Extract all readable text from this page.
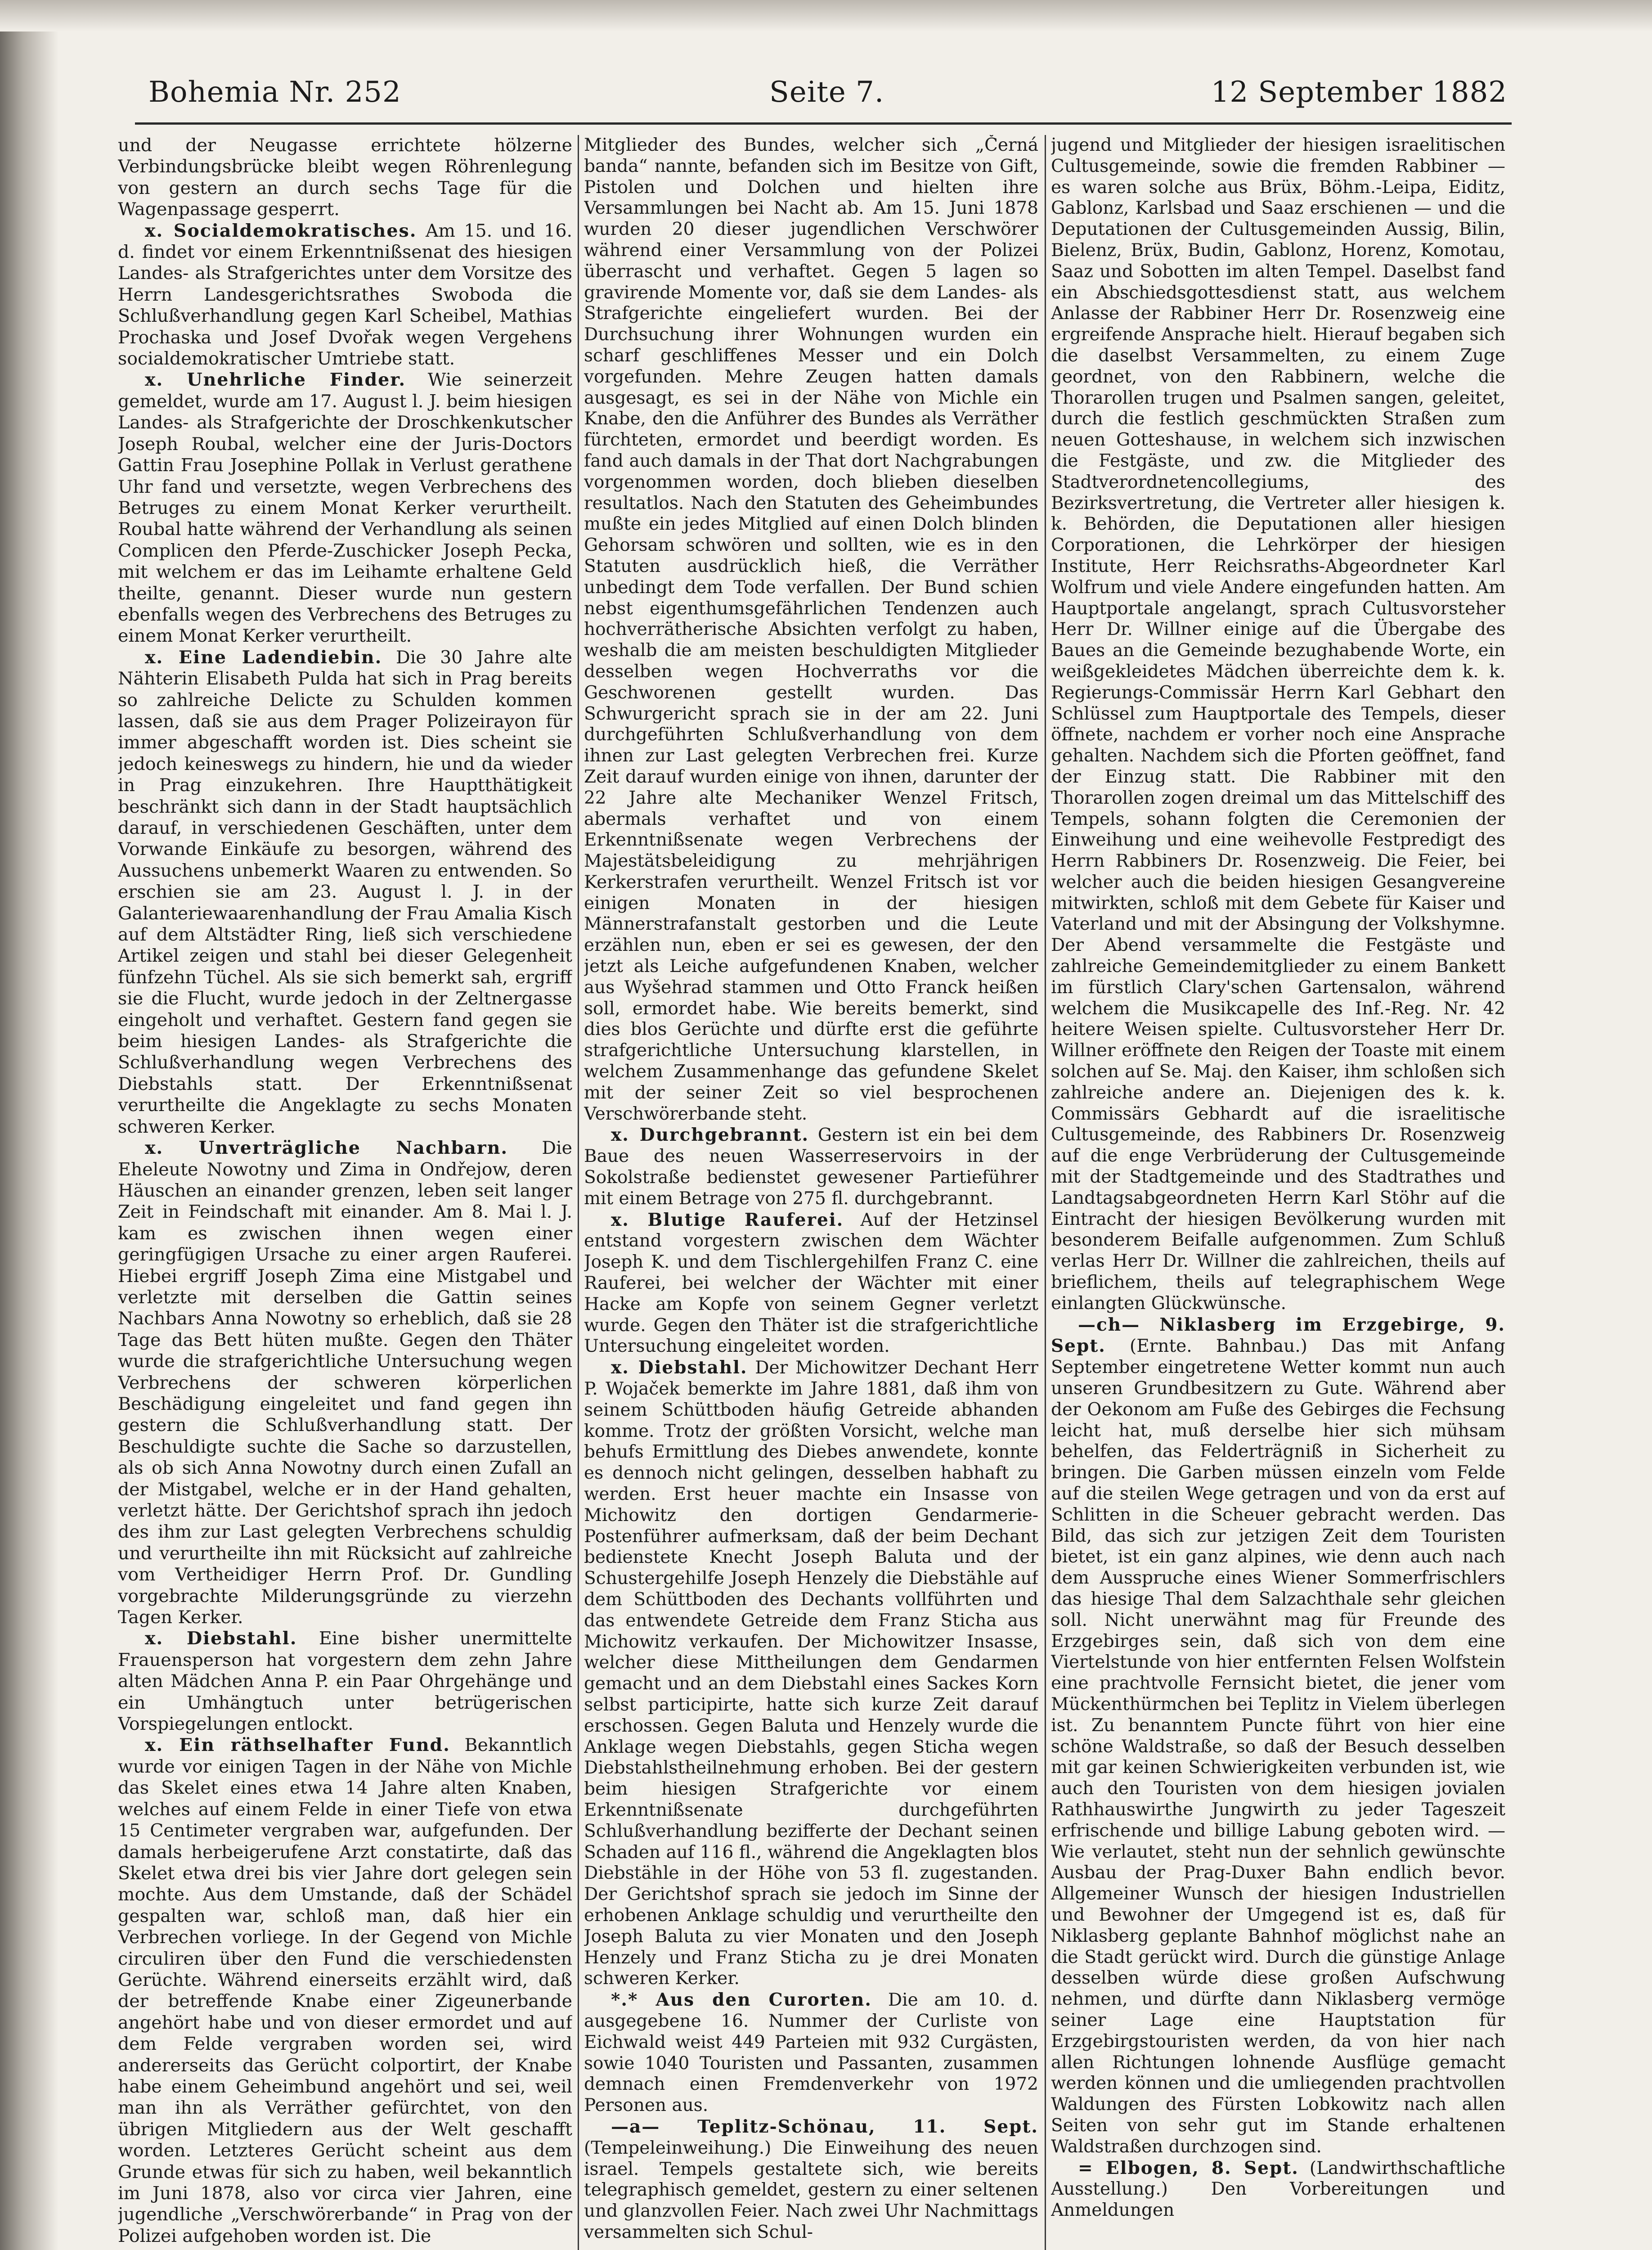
Bohemia Nr. 252	Seite 7.	12 September 1882

und der Neugasse errichtete hölzerne Verbindungsbrücke bleibt wegen Röhrenlegung von gestern an durch sechs Tage für die Wagenpassage gesperrt.

x. Socialdemokratisches. Am 15. und 16. d. findet vor einem Erkenntnißsenat des hiesigen Landes- als Strafgerichtes unter dem Vorsitze des Herrn Landesgerichtsrathes Swoboda die Schlußverhandlung gegen Karl Scheibel, Mathias Prochaska und Josef Dvořak wegen Vergehens socialdemokratischer Umtriebe statt.

x. Unehrliche Finder. Wie seinerzeit gemeldet, wurde am 17. August l. J. beim hiesigen Landes- als Strafgerichte der Droschkenkutscher Joseph Roubal, welcher eine der Juris-Doctors Gattin Frau Josephine Pollak in Verlust gerathene Uhr fand und versetzte, wegen Verbrechens des Betruges zu einem Monat Kerker verurtheilt. Roubal hatte während der Verhandlung als seinen Complicen den Pferde-Zuschicker Joseph Pecka, mit welchem er das im Leihamte erhaltene Geld theilte, genannt. Dieser wurde nun gestern ebenfalls wegen des Verbrechens des Betruges zu einem Monat Kerker verurtheilt.

x. Eine Ladendiebin. Die 30 Jahre alte Nähterin Elisabeth Pulda hat sich in Prag bereits so zahlreiche Delicte zu Schulden kommen lassen, daß sie aus dem Prager Polizeirayon für immer abgeschafft worden ist. Dies scheint sie jedoch keineswegs zu hindern, hie und da wieder in Prag einzukehren. Ihre Hauptthätigkeit beschränkt sich dann in der Stadt hauptsächlich darauf, in verschiedenen Geschäften, unter dem Vorwande Einkäufe zu besorgen, während des Aussuchens unbemerkt Waaren zu entwenden. So erschien sie am 23. August l. J. in der Galanteriewaarenhandlung der Frau Amalia Kisch auf dem Altstädter Ring, ließ sich verschiedene Artikel zeigen und stahl bei dieser Gelegenheit fünfzehn Tüchel. Als sie sich bemerkt sah, ergriff sie die Flucht, wurde jedoch in der Zeltnergasse eingeholt und verhaftet. Gestern fand gegen sie beim hiesigen Landes- als Strafgerichte die Schlußverhandlung wegen Verbrechens des Diebstahls statt. Der Erkenntnißsenat verurtheilte die Angeklagte zu sechs Monaten schweren Kerker.

x. Unverträgliche Nachbarn. Die Eheleute Nowotny und Zima in Ondřejow, deren Häuschen an einander grenzen, leben seit langer Zeit in Feindschaft mit einander. Am 8. Mai l. J. kam es zwischen ihnen wegen einer geringfügigen Ursache zu einer argen Rauferei. Hiebei ergriff Joseph Zima eine Mistgabel und verletzte mit derselben die Gattin seines Nachbars Anna Nowotny so erheblich, daß sie 28 Tage das Bett hüten mußte. Gegen den Thäter wurde die strafgerichtliche Untersuchung wegen Verbrechens der schweren körperlichen Beschädigung eingeleitet und fand gegen ihn gestern die Schlußverhandlung statt. Der Beschuldigte suchte die Sache so darzustellen, als ob sich Anna Nowotny durch einen Zufall an der Mistgabel, welche er in der Hand gehalten, verletzt hätte. Der Gerichtshof sprach ihn jedoch des ihm zur Last gelegten Verbrechens schuldig und verurtheilte ihn mit Rücksicht auf zahlreiche vom Vertheidiger Herrn Prof. Dr. Gundling vorgebrachte Milderungsgründe zu vierzehn Tagen Kerker.

x. Diebstahl. Eine bisher unermittelte Frauensperson hat vorgestern dem zehn Jahre alten Mädchen Anna P. ein Paar Ohrgehänge und ein Umhängtuch unter betrügerischen Vorspiegelungen entlockt.

x. Ein räthselhafter Fund. Bekanntlich wurde vor einigen Tagen in der Nähe von Michle das Skelet eines etwa 14 Jahre alten Knaben, welches auf einem Felde in einer Tiefe von etwa 15 Centimeter vergraben war, aufgefunden. Der damals herbeigerufene Arzt constatirte, daß das Skelet etwa drei bis vier Jahre dort gelegen sein mochte. Aus dem Umstande, daß der Schädel gespalten war, schloß man, daß hier ein Verbrechen vorliege. In der Gegend von Michle circuliren über den Fund die verschiedensten Gerüchte. Während einerseits erzählt wird, daß der betreffende Knabe einer Zigeunerbande angehört habe und von dieser ermordet und auf dem Felde vergraben worden sei, wird andererseits das Gerücht colportirt, der Knabe habe einem Geheimbund angehört und sei, weil man ihn als Verräther gefürchtet, von den übrigen Mitgliedern aus der Welt geschafft worden. Letzteres Gerücht scheint aus dem Grunde etwas für sich zu haben, weil bekanntlich im Juni 1878, also vor circa vier Jahren, eine jugendliche „Verschwörerbande“ in Prag von der Polizei aufgehoben worden ist. Die

Mitglieder des Bundes, welcher sich „Černá banda“ nannte, befanden sich im Besitze von Gift, Pistolen und Dolchen und hielten ihre Versammlungen bei Nacht ab. Am 15. Juni 1878 wurden 20 dieser jugendlichen Verschwörer während einer Versammlung von der Polizei überrascht und verhaftet. Gegen 5 lagen so gravirende Momente vor, daß sie dem Landes- als Strafgerichte eingeliefert wurden. Bei der Durchsuchung ihrer Wohnungen wurden ein scharf geschliffenes Messer und ein Dolch vorgefunden. Mehre Zeugen hatten damals ausgesagt, es sei in der Nähe von Michle ein Knabe, den die Anführer des Bundes als Verräther fürchteten, ermordet und beerdigt worden. Es fand auch damals in der That dort Nachgrabungen vorgenommen worden, doch blieben dieselben resultatlos. Nach den Statuten des Geheimbundes mußte ein jedes Mitglied auf einen Dolch blinden Gehorsam schwören und sollten, wie es in den Statuten ausdrücklich hieß, die Verräther unbedingt dem Tode verfallen. Der Bund schien nebst eigenthumsgefährlichen Tendenzen auch hochverrätherische Absichten verfolgt zu haben, weshalb die am meisten beschuldigten Mitglieder desselben wegen Hochverraths vor die Geschworenen gestellt wurden. Das Schwurgericht sprach sie in der am 22. Juni durchgeführten Schlußverhandlung von dem ihnen zur Last gelegten Verbrechen frei. Kurze Zeit darauf wurden einige von ihnen, darunter der 22 Jahre alte Mechaniker Wenzel Fritsch, abermals verhaftet und von einem Erkenntnißsenate wegen Verbrechens der Majestätsbeleidigung zu mehrjährigen Kerkerstrafen verurtheilt. Wenzel Fritsch ist vor einigen Monaten in der hiesigen Männerstrafanstalt gestorben und die Leute erzählen nun, eben er sei es gewesen, der den jetzt als Leiche aufgefundenen Knaben, welcher aus Wyšehrad stammen und Otto Franck heißen soll, ermordet habe. Wie bereits bemerkt, sind dies blos Gerüchte und dürfte erst die geführte strafgerichtliche Untersuchung klarstellen, in welchem Zusammenhange das gefundene Skelet mit der seiner Zeit so viel besprochenen Verschwörerbande steht.

x. Durchgebrannt. Gestern ist ein bei dem Baue des neuen Wasserreservoirs in der Sokolstraße bedienstet gewesener Partieführer mit einem Betrage von 275 fl. durchgebrannt.

x. Blutige Rauferei. Auf der Hetzinsel entstand vorgestern zwischen dem Wächter Joseph K. und dem Tischlergehilfen Franz C. eine Rauferei, bei welcher der Wächter mit einer Hacke am Kopfe von seinem Gegner verletzt wurde. Gegen den Thäter ist die strafgerichtliche Untersuchung eingeleitet worden.

x. Diebstahl. Der Michowitzer Dechant Herr P. Wojaček bemerkte im Jahre 1881, daß ihm von seinem Schüttboden häufig Getreide abhanden komme. Trotz der größten Vorsicht, welche man behufs Ermittlung des Diebes anwendete, konnte es dennoch nicht gelingen, desselben habhaft zu werden. Erst heuer machte ein Insasse von Michowitz den dortigen Gendarmerie-Postenführer aufmerksam, daß der beim Dechant bedienstete Knecht Joseph Baluta und der Schustergehilfe Joseph Henzely die Diebstähle auf dem Schüttboden des Dechants vollführten und das entwendete Getreide dem Franz Sticha aus Michowitz verkaufen. Der Michowitzer Insasse, welcher diese Mittheilungen dem Gendarmen gemacht und an dem Diebstahl eines Sackes Korn selbst participirte, hatte sich kurze Zeit darauf erschossen. Gegen Baluta und Henzely wurde die Anklage wegen Diebstahls, gegen Sticha wegen Diebstahlstheilnehmung erhoben. Bei der gestern beim hiesigen Strafgerichte vor einem Erkenntnißsenate durchgeführten Schlußverhandlung bezifferte der Dechant seinen Schaden auf 116 fl., während die Angeklagten blos Diebstähle in der Höhe von 53 fl. zugestanden. Der Gerichtshof sprach sie jedoch im Sinne der erhobenen Anklage schuldig und verurtheilte den Joseph Baluta zu vier Monaten und den Joseph Henzely und Franz Sticha zu je drei Monaten schweren Kerker.

*.* Aus den Curorten. Die am 10. d. ausgegebene 16. Nummer der Curliste von Eichwald weist 449 Parteien mit 932 Curgästen, sowie 1040 Touristen und Passanten, zusammen demnach einen Fremdenverkehr von 1972 Personen aus.

—a— Teplitz-Schönau, 11. Sept. (Tempeleinweihung.) Die Einweihung des neuen israel. Tempels gestaltete sich, wie bereits telegraphisch gemeldet, gestern zu einer seltenen und glanzvollen Feier. Nach zwei Uhr Nachmittags versammelten sich Schul-

jugend und Mitglieder der hiesigen israelitischen Cultusgemeinde, sowie die fremden Rabbiner — es waren solche aus Brüx, Böhm.-Leipa, Eiditz, Gablonz, Karlsbad und Saaz erschienen — und die Deputationen der Cultusgemeinden Aussig, Bilin, Bielenz, Brüx, Budin, Gablonz, Horenz, Komotau, Saaz und Sobotten im alten Tempel. Daselbst fand ein Abschiedsgottesdienst statt, aus welchem Anlasse der Rabbiner Herr Dr. Rosenzweig eine ergreifende Ansprache hielt. Hierauf begaben sich die daselbst Versammelten, zu einem Zuge geordnet, von den Rabbinern, welche die Thorarollen trugen und Psalmen sangen, geleitet, durch die festlich geschmückten Straßen zum neuen Gotteshause, in welchem sich inzwischen die Festgäste, und zw. die Mitglieder des Stadtverordnetencollegiums, des Bezirksvertretung, die Vertreter aller hiesigen k. k. Behörden, die Deputationen aller hiesigen Corporationen, die Lehrkörper der hiesigen Institute, Herr Reichsraths-Abgeordneter Karl Wolfrum und viele Andere eingefunden hatten. Am Hauptportale angelangt, sprach Cultusvorsteher Herr Dr. Willner einige auf die Übergabe des Baues an die Gemeinde bezughabende Worte, ein weißgekleidetes Mädchen überreichte dem k. k. Regierungs-Commissär Herrn Karl Gebhart den Schlüssel zum Hauptportale des Tempels, dieser öffnete, nachdem er vorher noch eine Ansprache gehalten. Nachdem sich die Pforten geöffnet, fand der Einzug statt. Die Rabbiner mit den Thorarollen zogen dreimal um das Mittelschiff des Tempels, sohann folgten die Ceremonien der Einweihung und eine weihevolle Festpredigt des Herrn Rabbiners Dr. Rosenzweig. Die Feier, bei welcher auch die beiden hiesigen Gesangvereine mitwirkten, schloß mit dem Gebete für Kaiser und Vaterland und mit der Absingung der Volkshymne. Der Abend versammelte die Festgäste und zahlreiche Gemeindemitglieder zu einem Bankett im fürstlich Clary'schen Gartensalon, während welchem die Musikcapelle des Inf.-Reg. Nr. 42 heitere Weisen spielte. Cultusvorsteher Herr Dr. Willner eröffnete den Reigen der Toaste mit einem solchen auf Se. Maj. den Kaiser, ihm schloßen sich zahlreiche andere an. Diejenigen des k. k. Commissärs Gebhardt auf die israelitische Cultusgemeinde, des Rabbiners Dr. Rosenzweig auf die enge Verbrüderung der Cultusgemeinde mit der Stadtgemeinde und des Stadtrathes und Landtagsabgeordneten Herrn Karl Stöhr auf die Eintracht der hiesigen Bevölkerung wurden mit besonderem Beifalle aufgenommen. Zum Schluß verlas Herr Dr. Willner die zahlreichen, theils auf brieflichem, theils auf telegraphischem Wege einlangten Glückwünsche.

—ch— Niklasberg im Erzgebirge, 9. Sept. (Ernte. Bahnbau.) Das mit Anfang September eingetretene Wetter kommt nun auch unseren Grundbesitzern zu Gute. Während aber der Oekonom am Fuße des Gebirges die Fechsung leicht hat, muß derselbe hier sich mühsam behelfen, das Felderträgniß in Sicherheit zu bringen. Die Garben müssen einzeln vom Felde auf die steilen Wege getragen und von da erst auf Schlitten in die Scheuer gebracht werden. Das Bild, das sich zur jetzigen Zeit dem Touristen bietet, ist ein ganz alpines, wie denn auch nach dem Ausspruche eines Wiener Sommerfrischlers das hiesige Thal dem Salzachthale sehr gleichen soll. Nicht unerwähnt mag für Freunde des Erzgebirges sein, daß sich von dem eine Viertelstunde von hier entfernten Felsen Wolfstein eine prachtvolle Fernsicht bietet, die jener vom Mückenthürmchen bei Teplitz in Vielem überlegen ist. Zu benanntem Puncte führt von hier eine schöne Waldstraße, so daß der Besuch desselben mit gar keinen Schwierigkeiten verbunden ist, wie auch den Touristen von dem hiesigen jovialen Rathhauswirthe Jungwirth zu jeder Tageszeit erfrischende und billige Labung geboten wird. — Wie verlautet, steht nun der sehnlich gewünschte Ausbau der Prag-Duxer Bahn endlich bevor. Allgemeiner Wunsch der hiesigen Industriellen und Bewohner der Umgegend ist es, daß für Niklasberg geplante Bahnhof möglichst nahe an die Stadt gerückt wird. Durch die günstige Anlage desselben würde diese großen Aufschwung nehmen, und dürfte dann Niklasberg vermöge seiner Lage eine Hauptstation für Erzgebirgstouristen werden, da von hier nach allen Richtungen lohnende Ausflüge gemacht werden können und die umliegenden prachtvollen Waldungen des Fürsten Lobkowitz nach allen Seiten von sehr gut im Stande erhaltenen Waldstraßen durchzogen sind.

= Elbogen, 8. Sept. (Landwirthschaftliche Ausstellung.) Den Vorbereitungen und Anmeldungen
